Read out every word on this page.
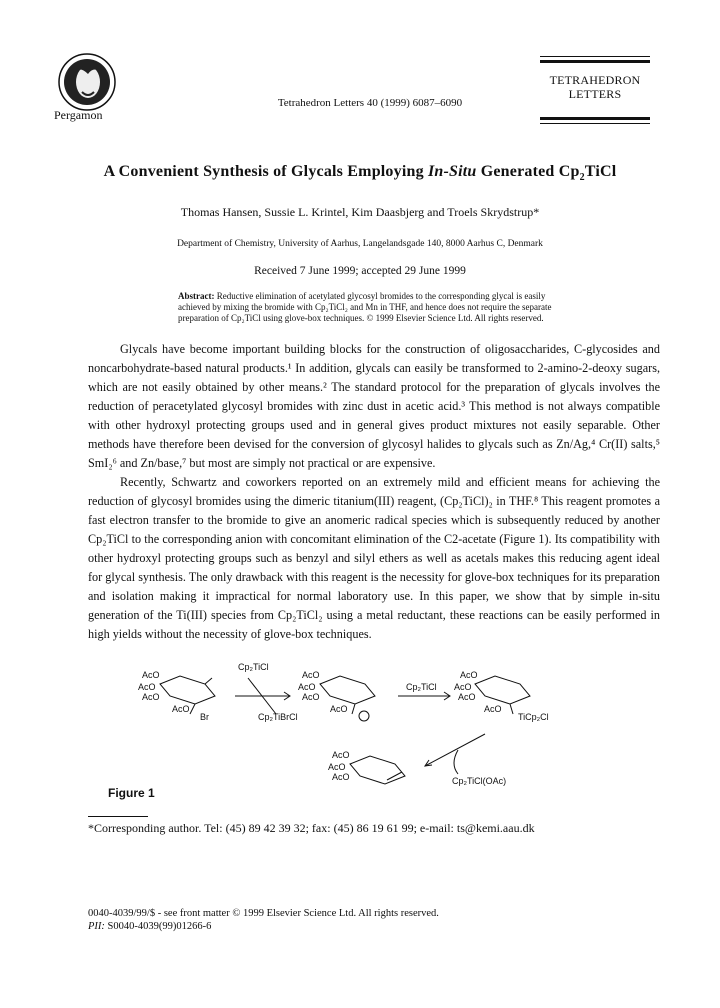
Pergamon
Tetrahedron Letters 40 (1999) 6087–6090
TETRAHEDRON
LETTERS
A Convenient Synthesis of Glycals Employing In-Situ Generated $Cp_2TiCl$
Thomas Hansen, Sussie L. Krintel, Kim Daasbjerg and Troels Skrydstrup*
Department of Chemistry, University of Aarhus, Langelandsgade 140, 8000 Aarhus C, Denmark
Received 7 June 1999; accepted 29 June 1999
Abstract: Reductive elimination of acetylated glycosyl bromides to the corresponding glycal is easily achieved by mixing the bromide with Cp₂TiCl₂ and Mn in THF, and hence does not require the separate preparation of Cp₂TiCl using glove-box techniques. © 1999 Elsevier Science Ltd. All rights reserved.

Glycals have become important building blocks for the construction of oligosaccharides, C-glycosides and noncarbohydrate-based natural products.¹ In addition, glycals can easily be transformed to 2-amino-2-deoxy sugars, which are not easily obtained by other means.² The standard protocol for the preparation of glycals involves the reduction of peracetylated glycosyl bromides with zinc dust in acetic acid.³ This method is not always compatible with other hydroxyl protecting groups used and in general gives product mixtures not easily separable. Other methods have therefore been devised for the conversion of glycosyl halides to glycals such as Zn/Ag,⁴ Cr(II) salts,⁵ SmI₂⁶ and Zn/base,⁷ but most are simply not practical or are expensive.

Recently, Schwartz and coworkers reported on an extremely mild and efficient means for achieving the reduction of glycosyl bromides using the dimeric titanium(III) reagent, (Cp₂TiCl)₂ in THF.⁸ This reagent promotes a fast electron transfer to the bromide to give an anomeric radical species which is subsequently reduced by another Cp₂TiCl to the corresponding anion with concomitant elimination of the C2-acetate (Figure 1). Its compatibility with other hydroxyl protecting groups such as benzyl and silyl ethers as well as acetals makes this reducing agent ideal for glycal synthesis. The only drawback with this reagent is the necessity for glove-box techniques for its preparation and isolation making it impractical for normal laboratory use. In this paper, we show that by simple in-situ generation of the Ti(III) species from Cp₂TiCl₂ using a metal reductant, these reactions can be easily performed in high yields without the necessity of glove-box techniques.

AcO
AcO
AcO
AcO
Br
Cp₂TiCl
Cp₂TiBrCl
AcO
AcO
AcO
AcO
Cp₂TiCl
AcO
AcO
AcO
AcO
TiCp₂Cl
AcO
AcO
AcO	Cp₂TiCl(OAc)
Figure 1
*Corresponding author. Tel: (45) 89 42 39 32; fax: (45) 86 19 61 99; e-mail: ts@kemi.aau.dk
0040-4039/99/$ - see front matter © 1999 Elsevier Science Ltd. All rights reserved.
PII: S0040-4039(99)01266-6
